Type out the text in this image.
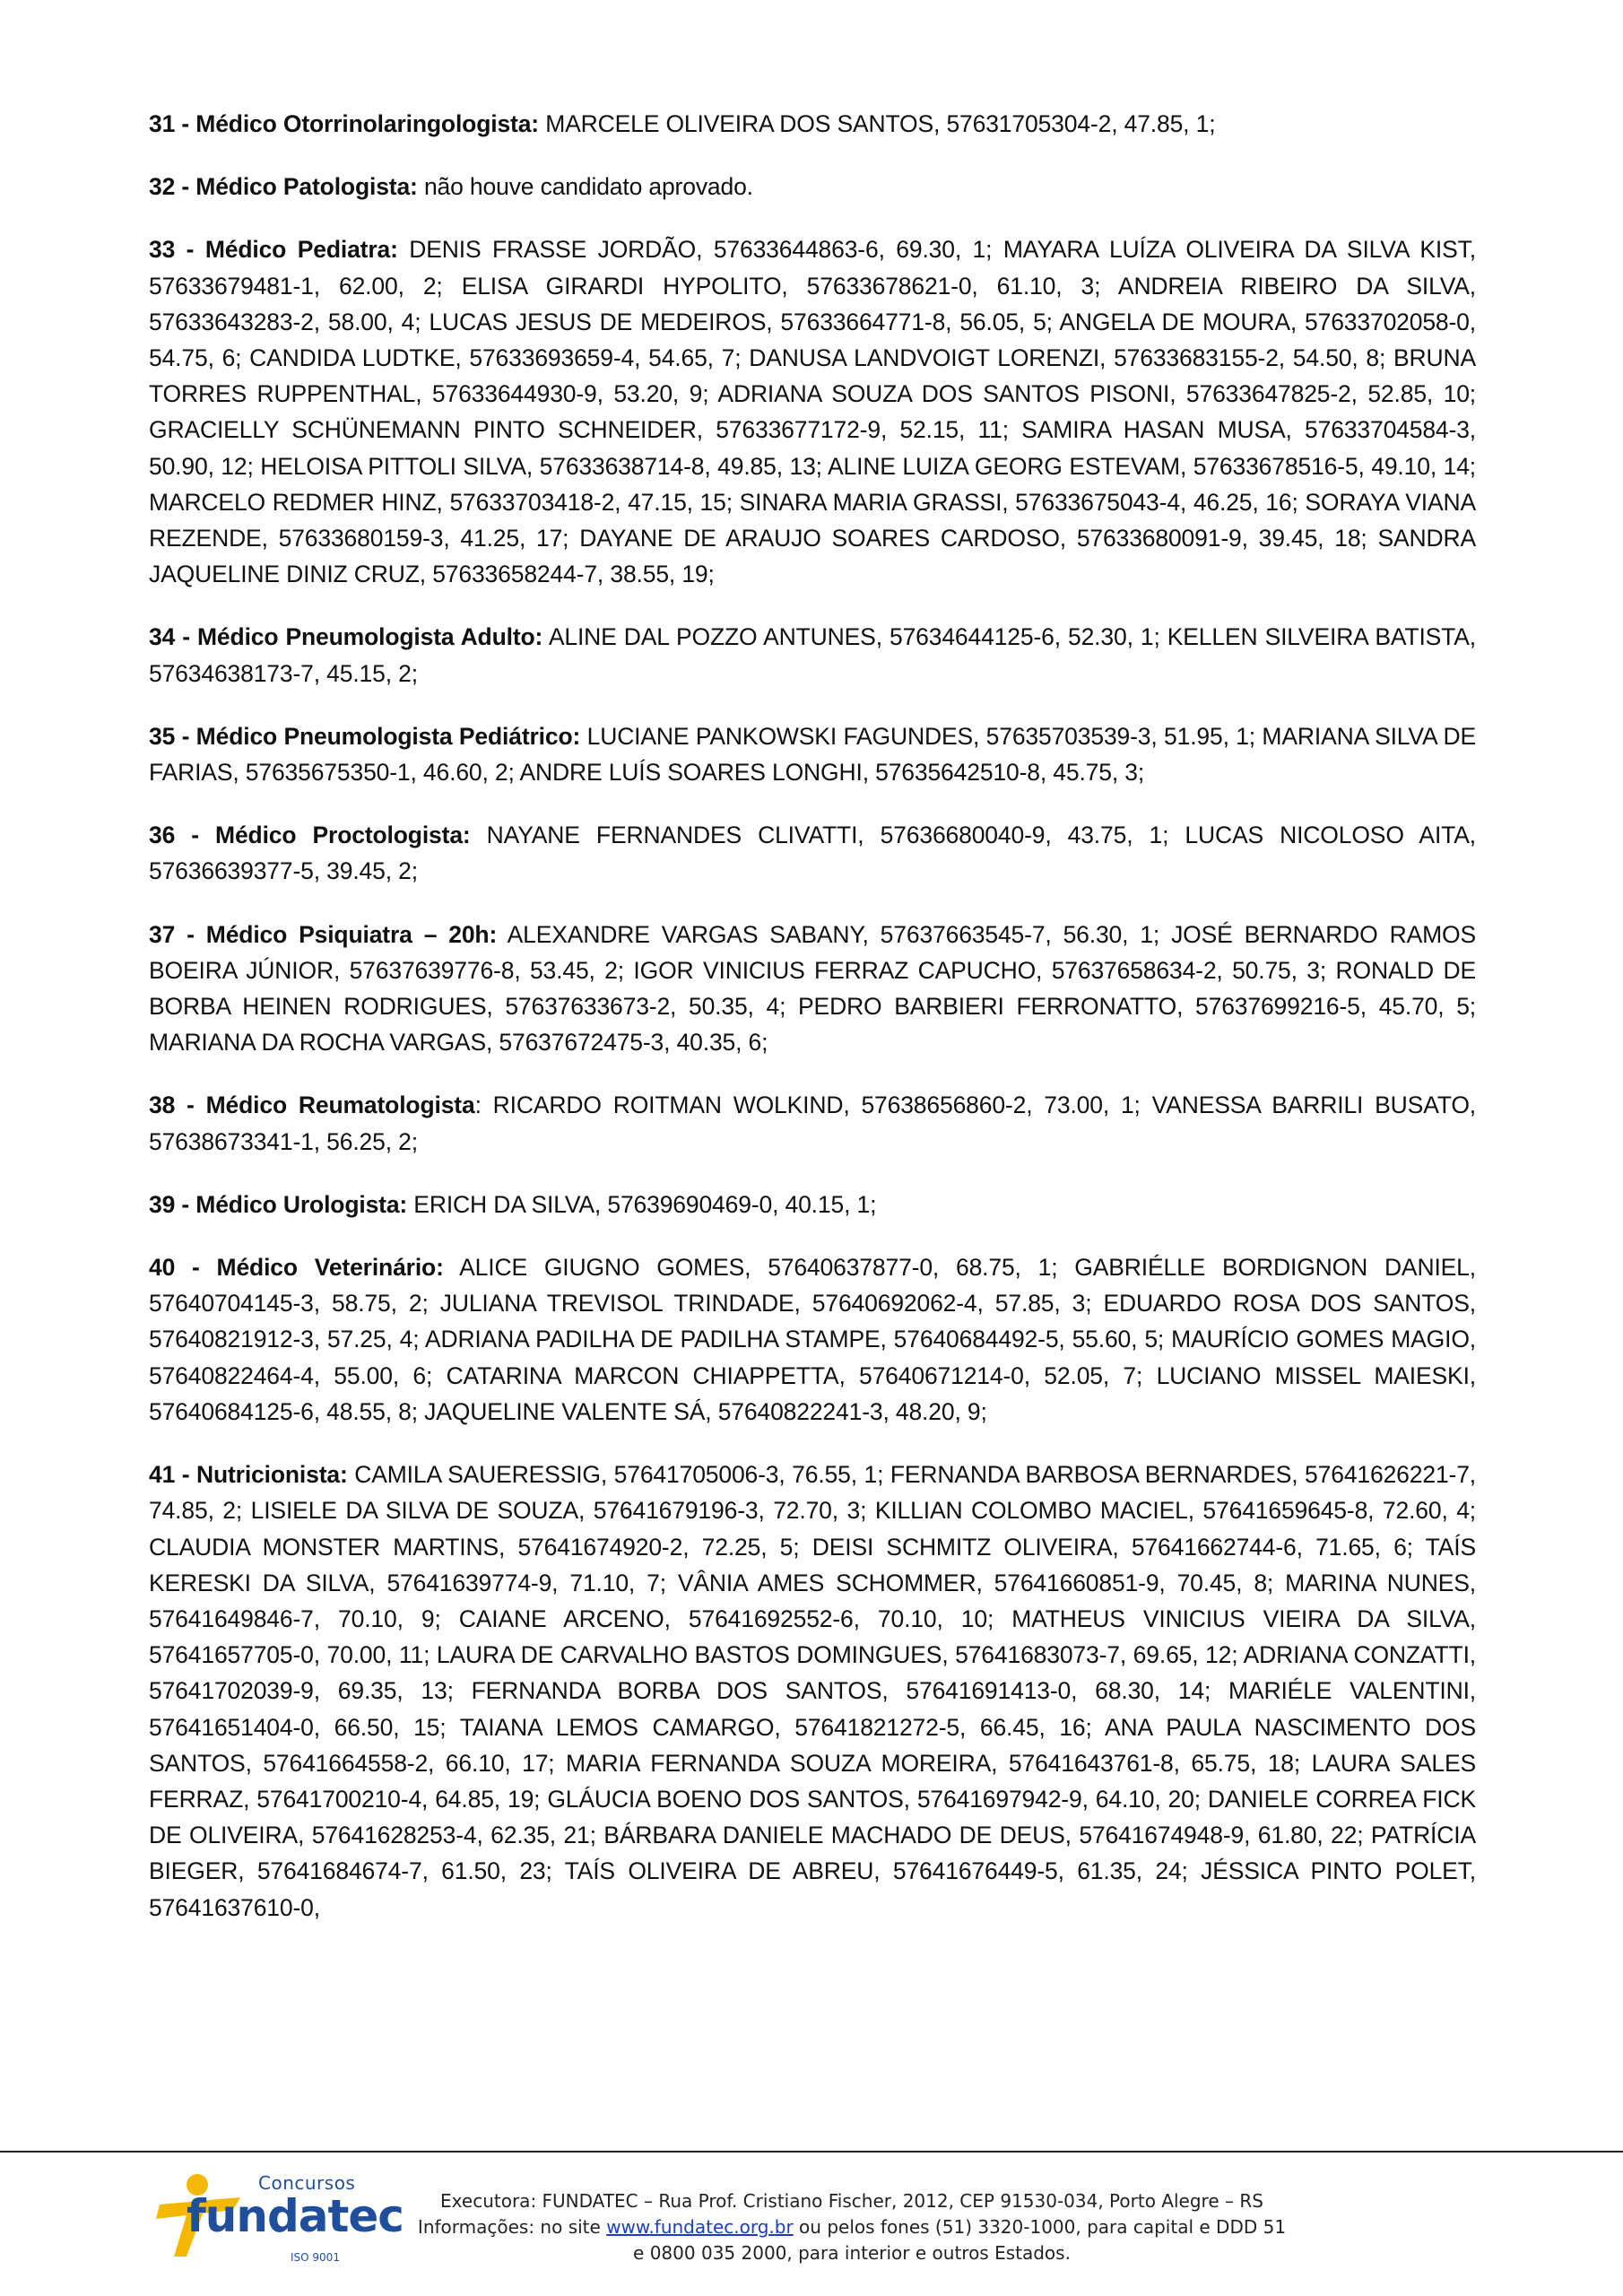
31 - Médico Otorrinolaringologista: MARCELE OLIVEIRA DOS SANTOS, 57631705304-2, 47.85, 1;

32 - Médico Patologista: não houve candidato aprovado.

33 - Médico Pediatra: DENIS FRASSE JORDÃO, 57633644863-6, 69.30, 1; MAYARA LUÍZA OLIVEIRA DA SILVA KIST, 57633679481-1, 62.00, 2; ELISA GIRARDI HYPOLITO, 57633678621-0, 61.10, 3; ANDREIA RIBEIRO DA SILVA, 57633643283-2, 58.00, 4; LUCAS JESUS DE MEDEIROS, 57633664771-8, 56.05, 5; ANGELA DE MOURA, 57633702058-0, 54.75, 6; CANDIDA LUDTKE, 57633693659-4, 54.65, 7; DANUSA LANDVOIGT LORENZI, 57633683155-2, 54.50, 8; BRUNA TORRES RUPPENTHAL, 57633644930-9, 53.20, 9; ADRIANA SOUZA DOS SANTOS PISONI, 57633647825-2, 52.85, 10; GRACIELLY SCHÜNEMANN PINTO SCHNEIDER, 57633677172-9, 52.15, 11; SAMIRA HASAN MUSA, 57633704584-3, 50.90, 12; HELOISA PITTOLI SILVA, 57633638714-8, 49.85, 13; ALINE LUIZA GEORG ESTEVAM, 57633678516-5, 49.10, 14; MARCELO REDMER HINZ, 57633703418-2, 47.15, 15; SINARA MARIA GRASSI, 57633675043-4, 46.25, 16; SORAYA VIANA REZENDE, 57633680159-3, 41.25, 17; DAYANE DE ARAUJO SOARES CARDOSO, 57633680091-9, 39.45, 18; SANDRA JAQUELINE DINIZ CRUZ, 57633658244-7, 38.55, 19;

34 - Médico Pneumologista Adulto: ALINE DAL POZZO ANTUNES, 57634644125-6, 52.30, 1; KELLEN SILVEIRA BATISTA, 57634638173-7, 45.15, 2;

35 - Médico Pneumologista Pediátrico: LUCIANE PANKOWSKI FAGUNDES, 57635703539-3, 51.95, 1; MARIANA SILVA DE FARIAS, 57635675350-1, 46.60, 2; ANDRE LUÍS SOARES LONGHI, 57635642510-8, 45.75, 3;

36 - Médico Proctologista: NAYANE FERNANDES CLIVATTI, 57636680040-9, 43.75, 1; LUCAS NICOLOSO AITA, 57636639377-5, 39.45, 2;

37 - Médico Psiquiatra – 20h: ALEXANDRE VARGAS SABANY, 57637663545-7, 56.30, 1; JOSÉ BERNARDO RAMOS BOEIRA JÚNIOR, 57637639776-8, 53.45, 2; IGOR VINICIUS FERRAZ CAPUCHO, 57637658634-2, 50.75, 3; RONALD DE BORBA HEINEN RODRIGUES, 57637633673-2, 50.35, 4; PEDRO BARBIERI FERRONATTO, 57637699216-5, 45.70, 5; MARIANA DA ROCHA VARGAS, 57637672475-3, 40.35, 6;

38 - Médico Reumatologista: RICARDO ROITMAN WOLKIND, 57638656860-2, 73.00, 1; VANESSA BARRILI BUSATO, 57638673341-1, 56.25, 2;

39 - Médico Urologista: ERICH DA SILVA, 57639690469-0, 40.15, 1;

40 - Médico Veterinário: ALICE GIUGNO GOMES, 57640637877-0, 68.75, 1; GABRIÉLLE BORDIGNON DANIEL, 57640704145-3, 58.75, 2; JULIANA TREVISOL TRINDADE, 57640692062-4, 57.85, 3; EDUARDO ROSA DOS SANTOS, 57640821912-3, 57.25, 4; ADRIANA PADILHA DE PADILHA STAMPE, 57640684492-5, 55.60, 5; MAURÍCIO GOMES MAGIO, 57640822464-4, 55.00, 6; CATARINA MARCON CHIAPPETTA, 57640671214-0, 52.05, 7; LUCIANO MISSEL MAIESKI, 57640684125-6, 48.55, 8; JAQUELINE VALENTE SÁ, 57640822241-3, 48.20, 9;

41 - Nutricionista: CAMILA SAUERESSIG, 57641705006-3, 76.55, 1; FERNANDA BARBOSA BERNARDES, 57641626221-7, 74.85, 2; LISIELE DA SILVA DE SOUZA, 57641679196-3, 72.70, 3; KILLIAN COLOMBO MACIEL, 57641659645-8, 72.60, 4; CLAUDIA MONSTER MARTINS, 57641674920-2, 72.25, 5; DEISI SCHMITZ OLIVEIRA, 57641662744-6, 71.65, 6; TAÍS KERESKI DA SILVA, 57641639774-9, 71.10, 7; VÂNIA AMES SCHOMMER, 57641660851-9, 70.45, 8; MARINA NUNES, 57641649846-7, 70.10, 9; CAIANE ARCENO, 57641692552-6, 70.10, 10; MATHEUS VINICIUS VIEIRA DA SILVA, 57641657705-0, 70.00, 11; LAURA DE CARVALHO BASTOS DOMINGUES, 57641683073-7, 69.65, 12; ADRIANA CONZATTI, 57641702039-9, 69.35, 13; FERNANDA BORBA DOS SANTOS, 57641691413-0, 68.30, 14; MARIÉLE VALENTINI, 57641651404-0, 66.50, 15; TAIANA LEMOS CAMARGO, 57641821272-5, 66.45, 16; ANA PAULA NASCIMENTO DOS SANTOS, 57641664558-2, 66.10, 17; MARIA FERNANDA SOUZA MOREIRA, 57641643761-8, 65.75, 18; LAURA SALES FERRAZ, 57641700210-4, 64.85, 19; GLÁUCIA BOENO DOS SANTOS, 57641697942-9, 64.10, 20; DANIELE CORREA FICK DE OLIVEIRA, 57641628253-4, 62.35, 21; BÁRBARA DANIELE MACHADO DE DEUS, 57641674948-9, 61.80, 22; PATRÍCIA BIEGER, 57641684674-7, 61.50, 23; TAÍS OLIVEIRA DE ABREU, 57641676449-5, 61.35, 24; JÉSSICA PINTO POLET, 57641637610-0,

Concursos
fundatec
ISO 9001
Executora: FUNDATEC – Rua Prof. Cristiano Fischer, 2012, CEP 91530-034, Porto Alegre – RS
Informações: no site www.fundatec.org.br ou pelos fones (51) 3320-1000, para capital e DDD 51
e 0800 035 2000, para interior e outros Estados.
